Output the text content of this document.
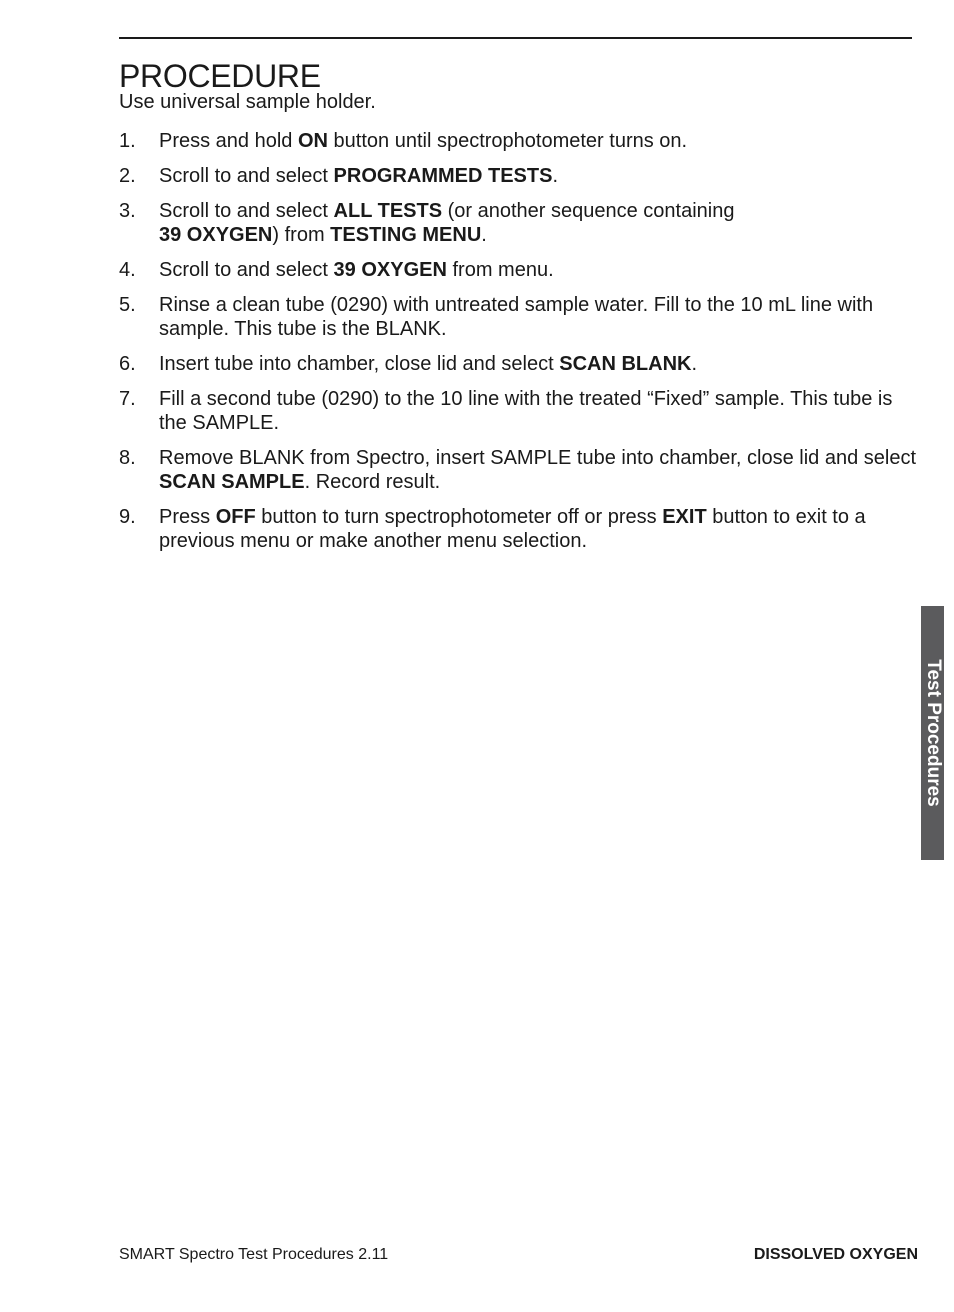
PROCEDURE

Use universal sample holder.

1. Press and hold ON button until spectrophotometer turns on.
2. Scroll to and select PROGRAMMED TESTS.
3. Scroll to and select ALL TESTS (or another sequence containing
39 OXYGEN) from TESTING MENU.
4. Scroll to and select 39 OXYGEN from menu.
5. Rinse a clean tube (0290) with untreated sample water. Fill to the 10 mL line with sample. This tube is the BLANK.
6. Insert tube into chamber, close lid and select SCAN BLANK.
7. Fill a second tube (0290) to the 10 line with the treated “Fixed” sample. This tube is the SAMPLE.
8. Remove BLANK from Spectro, insert SAMPLE tube into chamber, close lid and select SCAN SAMPLE. Record result.
9. Press OFF button to turn spectrophotometer off or press EXIT button to exit to a previous menu or make another menu selection.
Test Procedures
SMART Spectro Test Procedures 2.11	DISSOLVED OXYGEN
